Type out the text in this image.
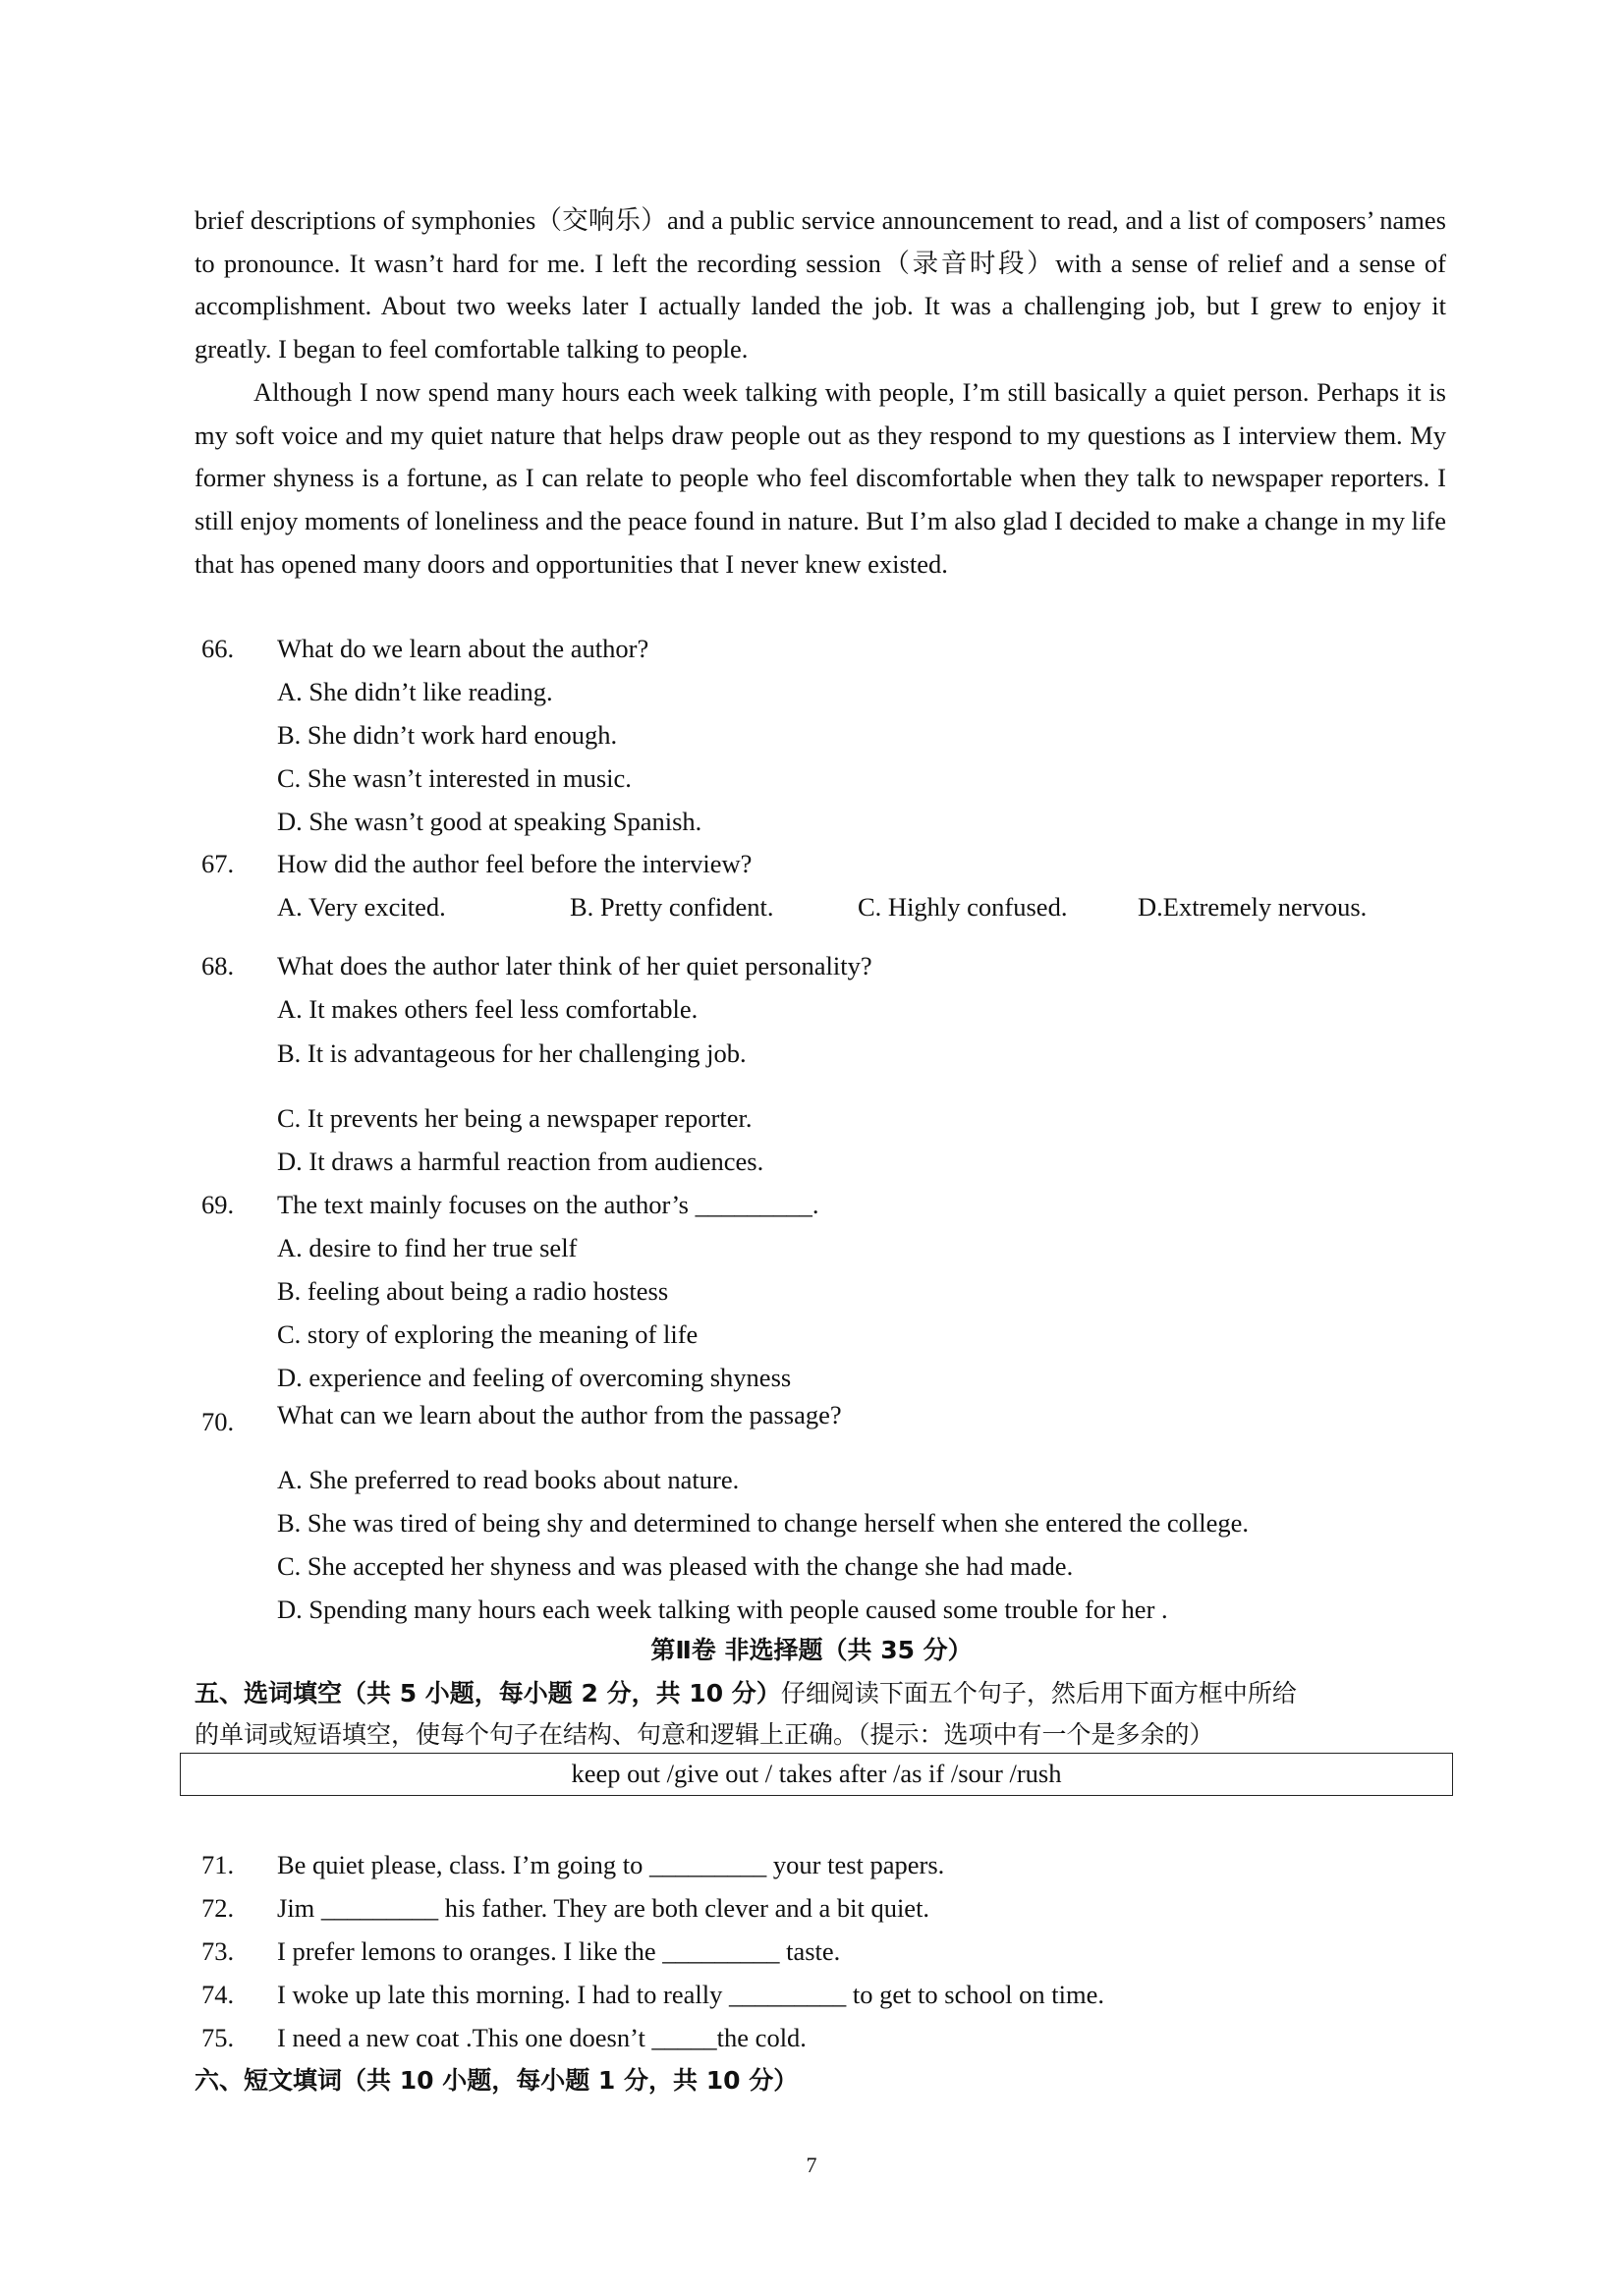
brief descriptions of symphonies（交响乐）and a public service announcement to read, and a list of composers’ names to pronounce. It wasn’t hard for me. I left the recording session（录音时段）with a sense of relief and a sense of accomplishment. About two weeks later I actually landed the job. It was a challenging job, but I grew to enjoy it greatly. I began to feel comfortable talking to people.

Although I now spend many hours each week talking with people, I’m still basically a quiet person. Perhaps it is my soft voice and my quiet nature that helps draw people out as they respond to my questions as I interview them. My former shyness is a fortune, as I can relate to people who feel discomfortable when they talk to newspaper reporters. I still enjoy moments of loneliness and the peace found in nature. But I’m also glad I decided to make a change in my life that has opened many doors and opportunities that I never knew existed.

66. What do we learn about the author?
A. She didn’t like reading.
B. She didn’t work hard enough.
C. She wasn’t interested in music.
D. She wasn’t good at speaking Spanish.
67. How did the author feel before the interview?
A. Very excited.	B. Pretty confident.	C. Highly confused.	D.Extremely nervous.
68. What does the author later think of her quiet personality?
A. It makes others feel less comfortable.
B. It is advantageous for her challenging job.
C. It prevents her being a newspaper reporter.
D. It draws a harmful reaction from audiences.
69. The text mainly focuses on the author’s _________.
A. desire to find her true self
B. feeling about being a radio hostess
C. story of exploring the meaning of life
D. experience and feeling of overcoming shyness
70. What can we learn about the author from the passage?
A. She preferred to read books about nature.
B. She was tired of being shy and determined to change herself when she entered the college.
C. She accepted her shyness and was pleased with the change she had made.
D. Spending many hours each week talking with people caused some trouble for her .
第Ⅱ卷 非选择题（共 35 分）
五、选词填空（共 5 小题，每小题 2 分，共 10 分）仔细阅读下面五个句子，然后用下面方框中所给
的单词或短语填空，使每个句子在结构、句意和逻辑上正确。（提示：选项中有一个是多余的）
keep out /give out / takes after /as if /sour /rush
71. Be quiet please, class. I’m going to _________ your test papers.
72. Jim _________ his father. They are both clever and a bit quiet.
73. I prefer lemons to oranges. I like the _________ taste.
74. I woke up late this morning. I had to really _________ to get to school on time.
75. I need a new coat .This one doesn’t _____the cold.
六、短文填词（共 10 小题，每小题 1 分，共 10 分）
7
